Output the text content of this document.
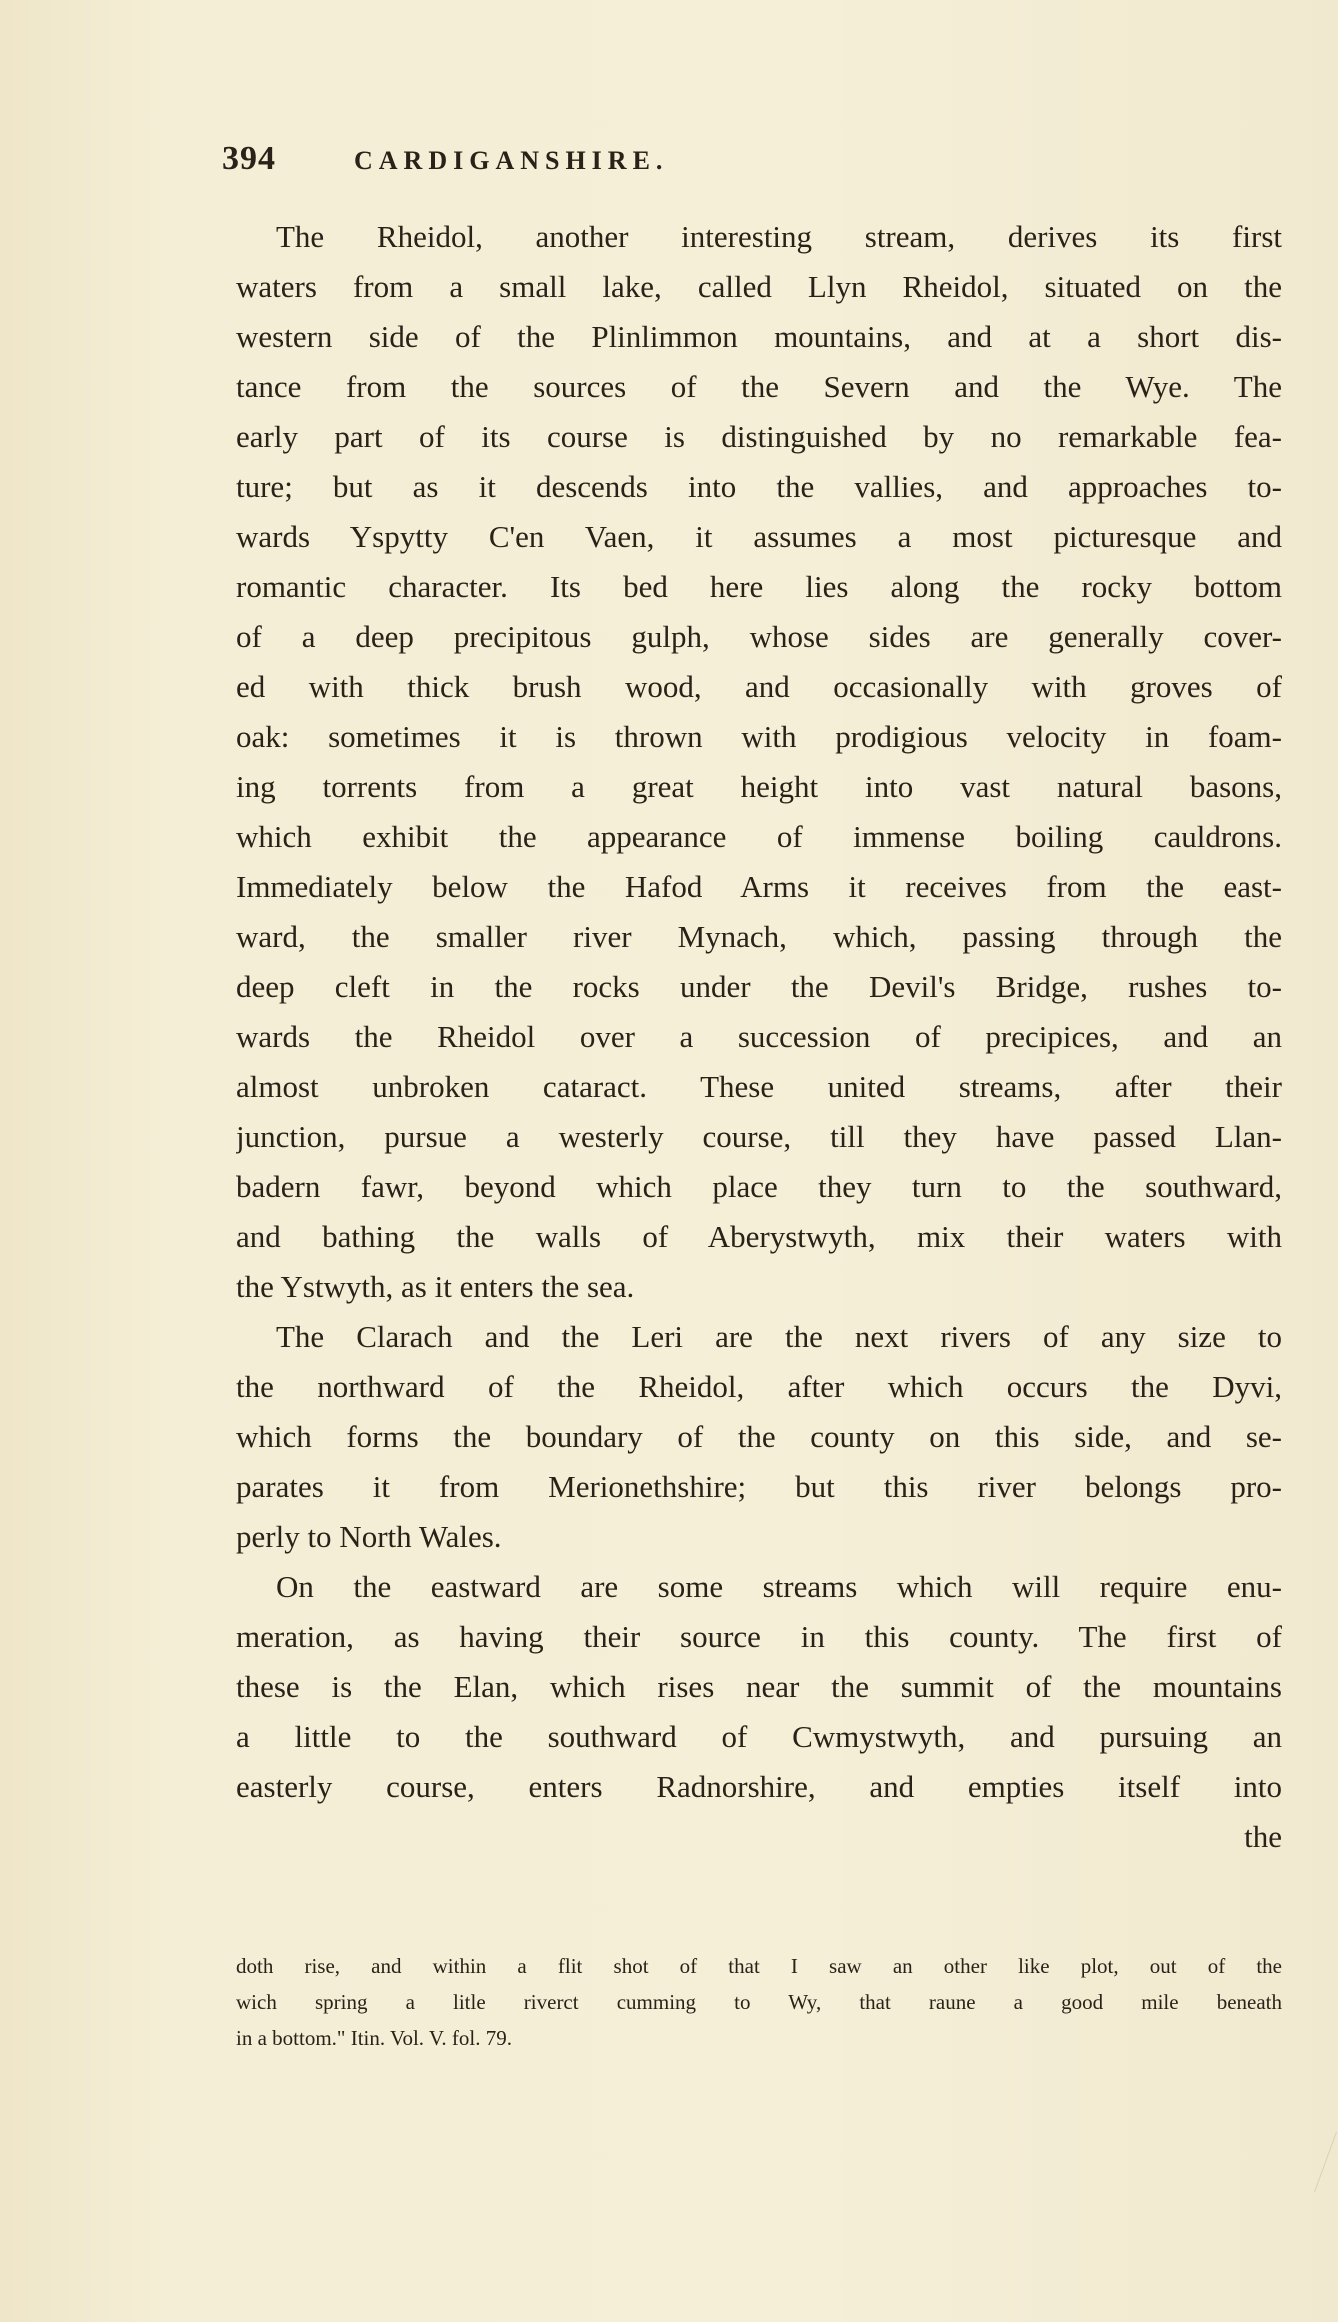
394	CARDIGANSHIRE.
The Rheidol, another interesting stream, derives its first
waters from a small lake, called Llyn Rheidol, situated on the
western side of the Plinlimmon mountains, and at a short dis-
tance from the sources of the Severn and the Wye. The
early part of its course is distinguished by no remarkable fea-
ture; but as it descends into the vallies, and approaches to-
wards Yspytty C'en Vaen, it assumes a most picturesque and
romantic character. Its bed here lies along the rocky bottom
of a deep precipitous gulph, whose sides are generally cover-
ed with thick brush wood, and occasionally with groves of
oak: sometimes it is thrown with prodigious velocity in foam-
ing torrents from a great height into vast natural basons,
which exhibit the appearance of immense boiling cauldrons.
Immediately below the Hafod Arms it receives from the east-
ward, the smaller river Mynach, which, passing through the
deep cleft in the rocks under the Devil's Bridge, rushes to-
wards the Rheidol over a succession of precipices, and an
almost unbroken cataract. These united streams, after their
junction, pursue a westerly course, till they have passed Llan-
badern fawr, beyond which place they turn to the southward,
and bathing the walls of Aberystwyth, mix their waters with
the Ystwyth, as it enters the sea.
The Clarach and the Leri are the next rivers of any size to
the northward of the Rheidol, after which occurs the Dyvi,
which forms the boundary of the county on this side, and se-
parates it from Merionethshire; but this river belongs pro-
perly to North Wales.
On the eastward are some streams which will require enu-
meration, as having their source in this county. The first of
these is the Elan, which rises near the summit of the mountains
a little to the southward of Cwmystwyth, and pursuing an
easterly course, enters Radnorshire, and empties itself into
the
doth rise, and within a flit shot of that I saw an other like plot, out of the
wich spring a litle riverct cumming to Wy, that raune a good mile beneath
in a bottom." Itin. Vol. V. fol. 79.
